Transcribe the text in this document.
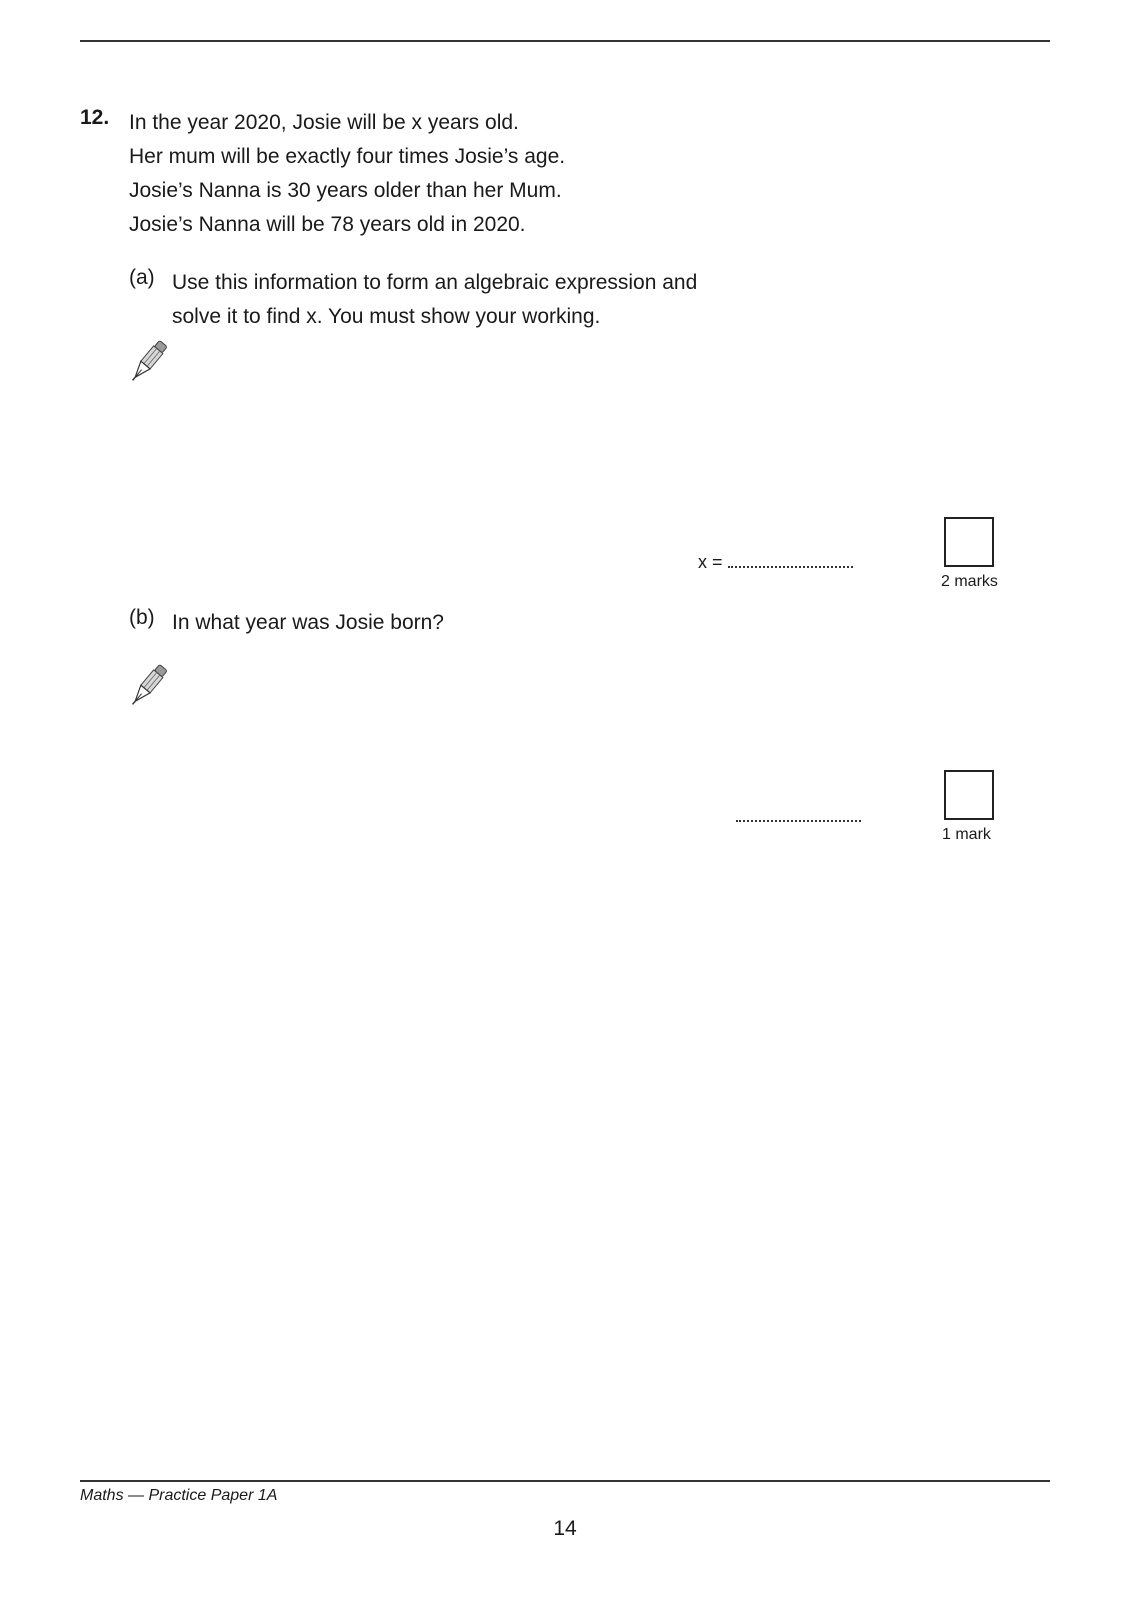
12. In the year 2020, Josie will be x years old.
Her mum will be exactly four times Josie’s age.
Josie’s Nanna is 30 years older than her Mum.
Josie’s Nanna will be 78 years old in 2020.
(a) Use this information to form an algebraic expression and
solve it to find x. You must show your working.
x =
2 marks
(b) In what year was Josie born?
1 mark
Maths — Practice Paper 1A
14
